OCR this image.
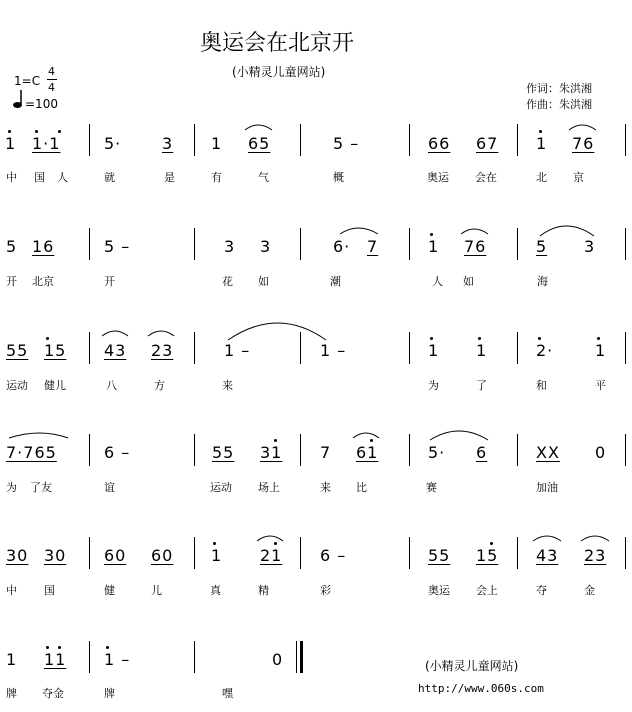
奥运会在北京开
(小精灵儿童网站)
作词：朱洪湘
作曲：朱洪湘
1=C
4
4
=100
1 1·1	5·	3 1 65	5 –	66 67 1 76
中 国 人	就	是	有	气	概	奥运 会在	北 京
5 16	5 –	3 3	6· 7	1 76	5 3
开 北京	开	花 如	潮	人 如	海
55 15 43 23	1 –	1 –	1 1	2·	1
运动 健儿	八	方	来	为	了	和	平
7·765	6 –	55 31 7 61	5· 6	XX 0
为 了友	谊	运动 场上	来 比	赛	加油
30 30 60 60 1 21 6 –	55 15 43 23
中 国	健	儿	真	精	彩	奥运 会上	夺	金
1 11 1 –	0
牌 夺金	牌	嘿
(小精灵儿童网站)
http://www.060s.com
